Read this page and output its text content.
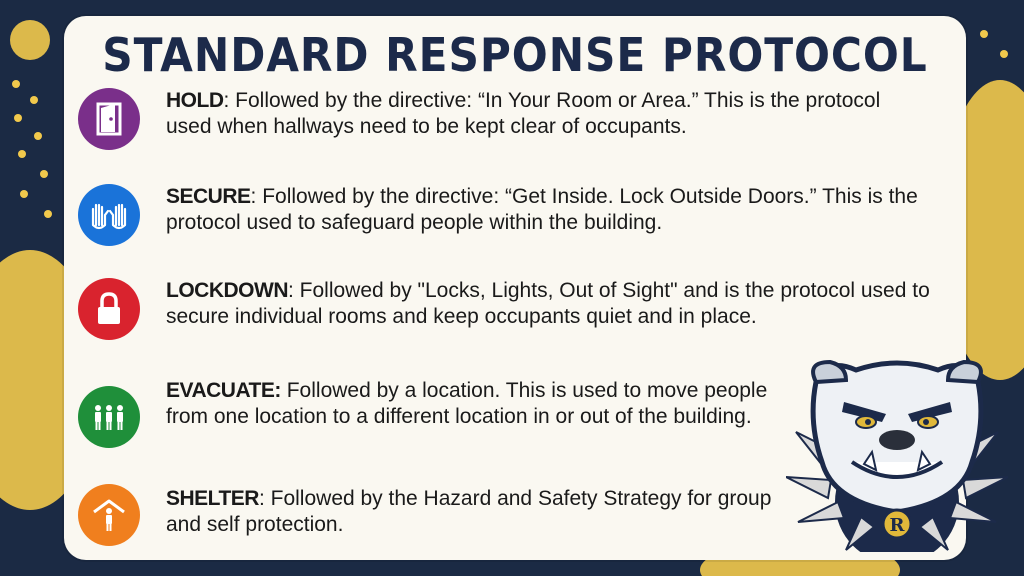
STANDARD RESPONSE PROTOCOL
HOLD: Followed by the directive: “In Your Room or Area.” This is the protocol used when hallways need to be kept clear of occupants.
SECURE: Followed by the directive: “Get Inside. Lock Outside Doors.” This is the protocol used to safeguard people within the building.
LOCKDOWN: Followed by "Locks, Lights, Out of Sight" and is the protocol used to secure individual rooms and keep occupants quiet and in place.
EVACUATE: Followed by a location. This is used to move people from one location to a different location in or out of the building.
SHELTER: Followed by the Hazard and Safety Strategy for group and self protection.	R
